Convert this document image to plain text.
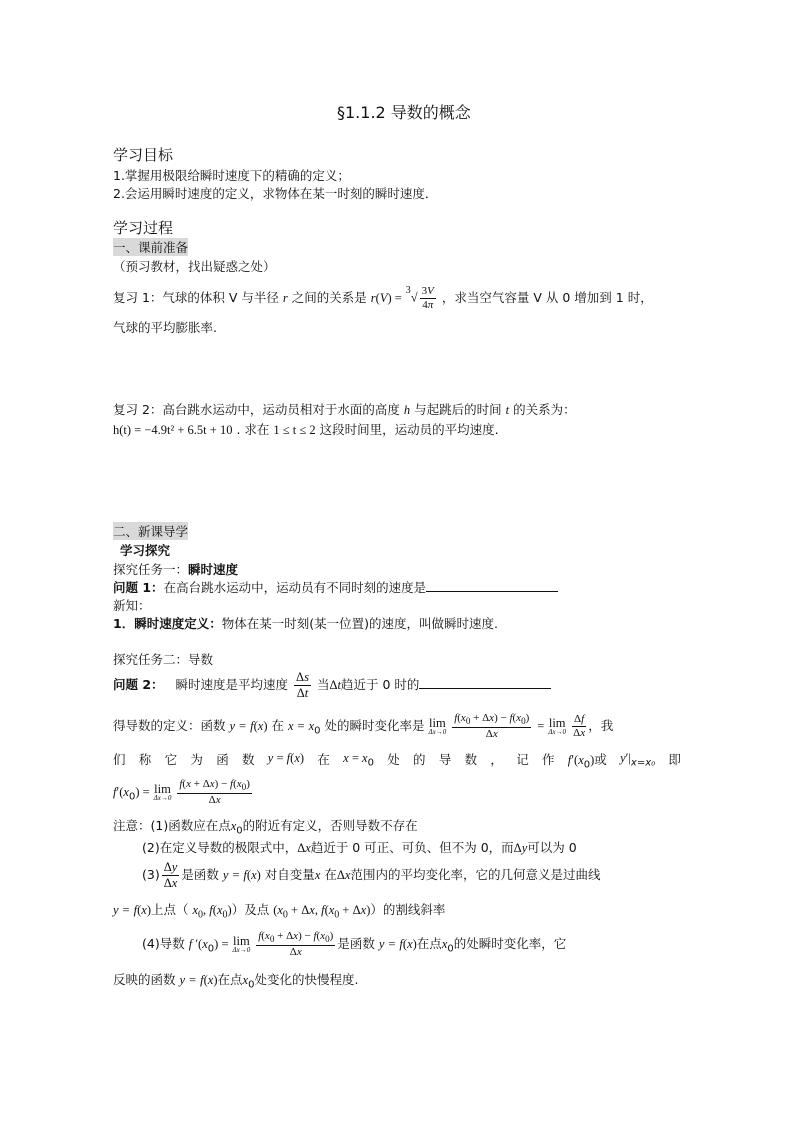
§1.1.2 导数的概念
学习目标
1.掌握用极限给瞬时速度下的精确的定义；
2.会运用瞬时速度的定义，求物体在某一时刻的瞬时速度．
学习过程
一、课前准备
（预习教材，找出疑惑之处）
复习 1：气球的体积 V 与半径 r 之间的关系是 $r(V) = ^3√ \frac{3V}{4\pi}$ ，求当空气容量 V 从 0 增加到 1 时，
气球的平均膨胀率.
复习 2：高台跳水运动中，运动员相对于水面的高度 h 与起跳后的时间 t 的关系为：
h(t) = −4.9t² + 6.5t + 10 . 求在 1 ≤ t ≤ 2 这段时间里，运动员的平均速度.
二、新课导学
学习探究
探究任务一：瞬时速度
问题 1：在高台跳水运动中，运动员有不同时刻的速度是
新知：
1．瞬时速度定义：物体在某一时刻(某一位置)的速度，叫做瞬时速度.
探究任务二：导数
问题 2： 瞬时速度是平均速度 $\frac{\Delta s}{\Delta t}$ 当Δt趋近于 0 时的
得导数的定义：函数 y = f(x) 在 $x = x_0$ 处的瞬时变化率是 lim
Δx→0
$\frac{f(x_0 + \Delta x) - f(x_0)}{\Delta x} = \lim$
Δx→0
$\frac{\Delta f}{\Delta x}$ ，我
们 称 它 为 函 数 y = f(x) 在 $x = x_0$ 处 的 导 数 ， 记 作 $f'(x_0)$或 $y'|_{x=x_0}$ 即
$f'(x_0) = \lim$
Δx→0
$\frac{f(x + \Delta x) - f(x_0)}{\Delta x}$
注意：(1)函数应在点$x_0$的附近有定义，否则导数不存在
(2)在定义导数的极限式中，Δx趋近于 0 可正、可负、但不为 0，而Δy可以为 0
$(3) \frac{\Delta y}{\Delta x}$ 是函数 y = f(x) 对自变量x 在Δx范围内的平均变化率，它的几何意义是过曲线
y = f(x)上点（ $x_0$, $f(x_0)$）及点 ($x_0 + \Delta x$, $f(x_0 + \Delta x)$）的割线斜率
(4)导数 f $'(x_0) = \lim$
Δx→0
$\frac{f(x_0 + \Delta x) - f(x_0)}{\Delta x}$ 是函数 y = f(x)在点$x_0$的处瞬时变化率，它
反映的函数 y = f(x)在点$x_0$处变化的快慢程度.
